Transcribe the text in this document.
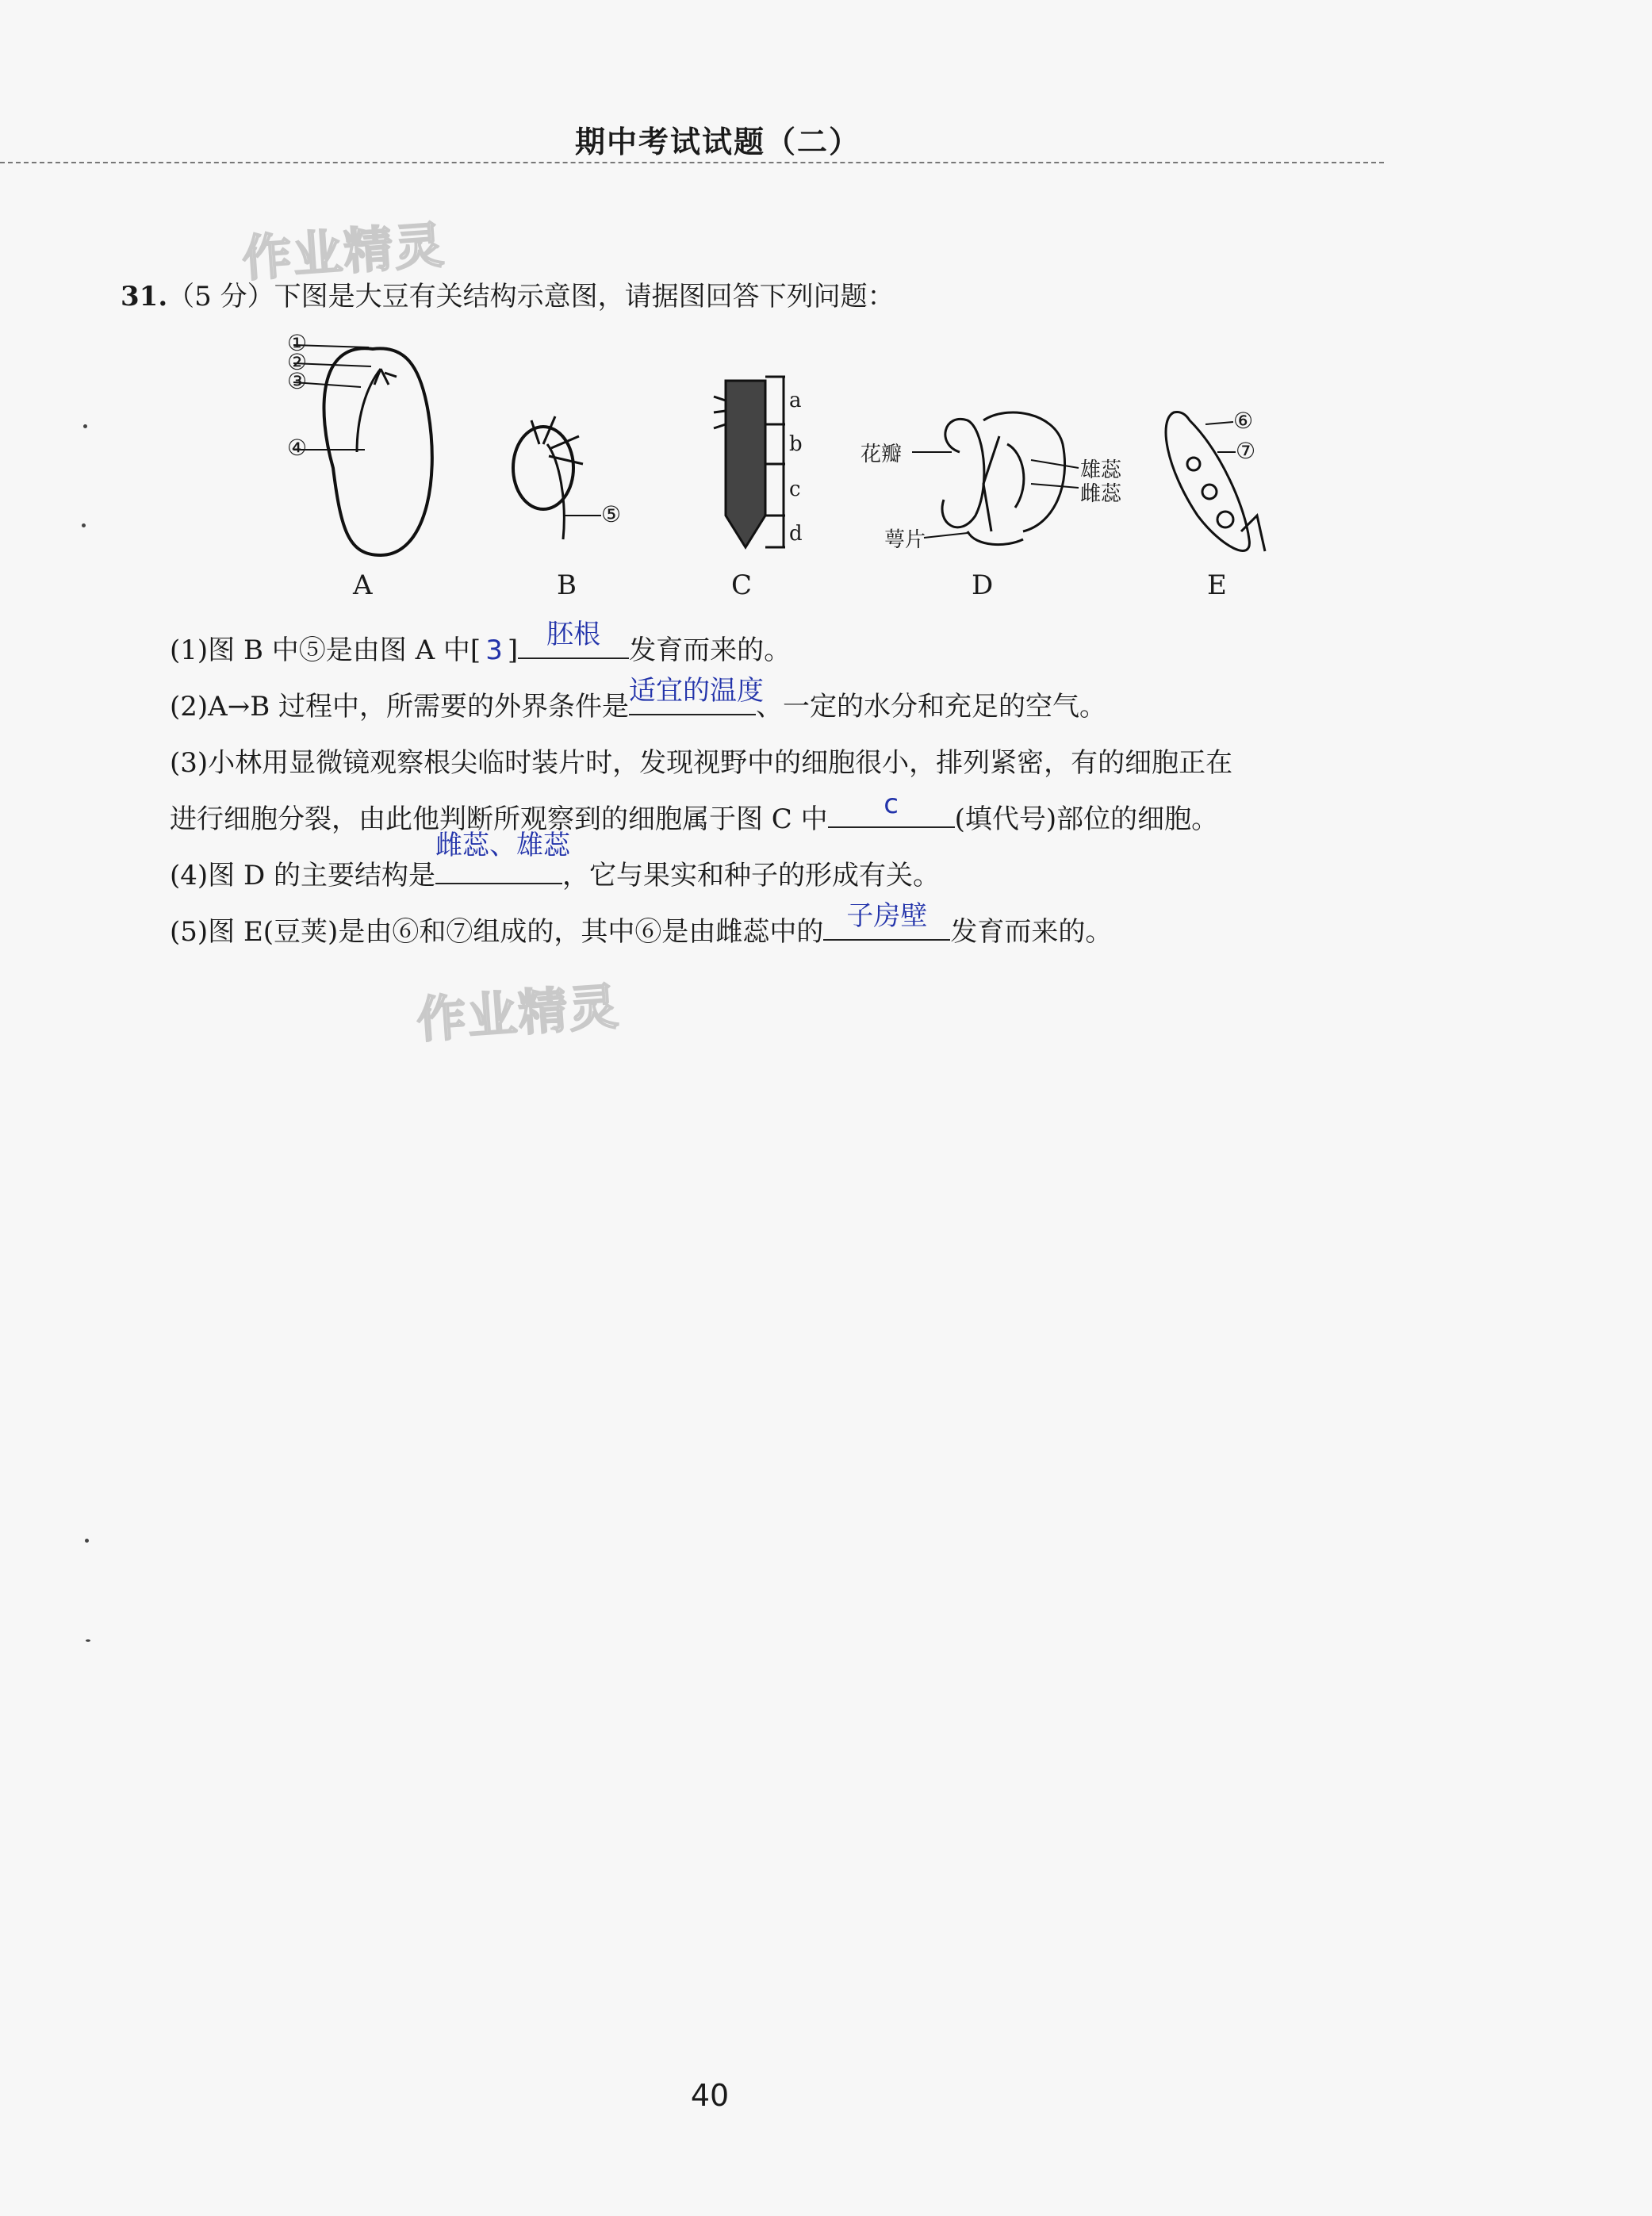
期中考试试题（二）
作业精灵
作业精灵
31.（5 分）下图是大豆有关结构示意图，请据图回答下列问题：
①
②
③
④
⑤
⑥
⑦
a
b
c
d
花瓣
雄蕊
雌蕊
萼片
A	B	C	D	E
(1)图 B 中⑤是由图 A 中[ 3 ]	胚根	发育而来的。
(2)A→B 过程中，所需要的外界条件是 适宜的温度
、一定的水分和充足的空气。
(3)小林用显微镜观察根尖临时装片时，发现视野中的细胞很小，排列紧密，有的细胞正在
进行细胞分裂，由此他判断所观察到的细胞属于图 C 中	c	(填代号)部位的细胞。
(4)图 D 的主要结构是
雌蕊、雄蕊
，它与果实和种子的形成有关。
(5)图 E(豆荚)是由⑥和⑦组成的，其中⑥是由雌蕊中的 子房壁 发育而来的。
40
